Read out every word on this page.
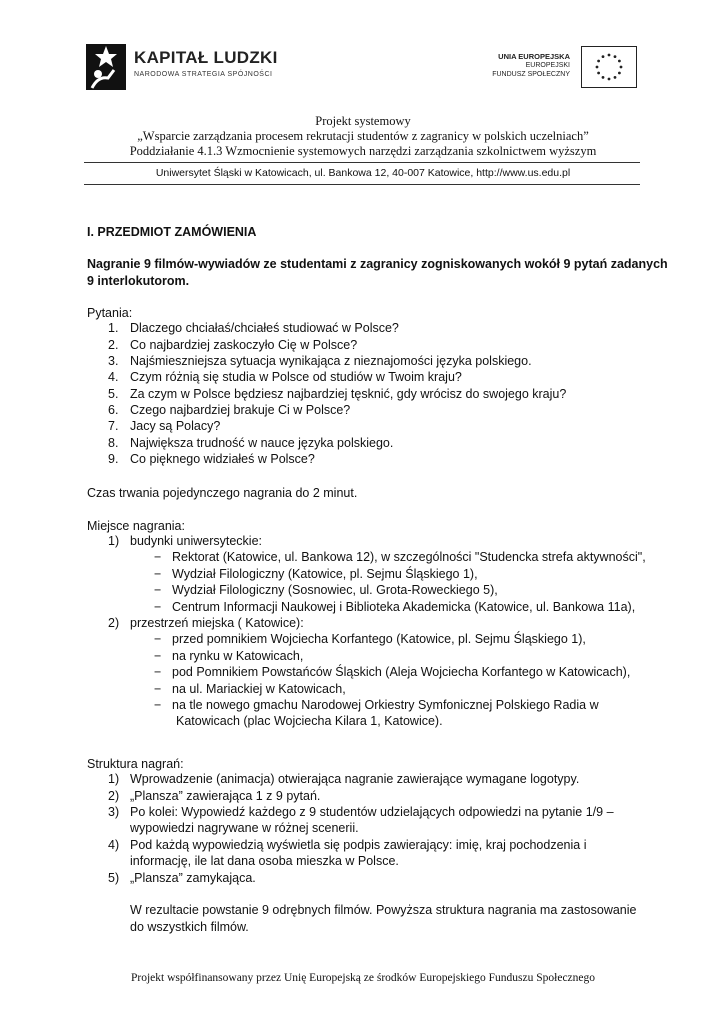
KAPITAŁ LUDZKI
NARODOWA STRATEGIA SPÓJNOŚCI
UNIA EUROPEJSKA
EUROPEJSKI
FUNDUSZ SPOŁECZNY
Projekt systemowy
„Wsparcie zarządzania procesem rekrutacji studentów z zagranicy w polskich uczelniach”
Poddziałanie 4.1.3 Wzmocnienie systemowych narzędzi zarządzania szkolnictwem wyższym
Uniwersytet Śląski w Katowicach, ul. Bankowa 12, 40-007 Katowice, http://www.us.edu.pl
I. PRZEDMIOT ZAMÓWIENIA
Nagranie 9 filmów-wywiadów ze studentami z zagranicy zogniskowanych wokół 9 pytań zadanych
9 interlokutorom.
Pytania:
1. Dlaczego chciałaś/chciałeś studiować w Polsce?
2. Co najbardziej zaskoczyło Cię w Polsce?
3. Najśmieszniejsza sytuacja wynikająca z nieznajomości języka polskiego.
4. Czym różnią się studia w Polsce od studiów w Twoim kraju?
5. Za czym w Polsce będziesz najbardziej tęsknić, gdy wrócisz do swojego kraju?
6. Czego najbardziej brakuje Ci w Polsce?
7. Jacy są Polacy?
8. Największa trudność w nauce języka polskiego.
9. Co pięknego widziałeś w Polsce?
Czas trwania pojedynczego nagrania do 2 minut.
Miejsce nagrania:
1) budynki uniwersyteckie:
− Rektorat (Katowice, ul. Bankowa 12), w szczególności "Studencka strefa aktywności",
− Wydział Filologiczny (Katowice, pl. Sejmu Śląskiego 1),
− Wydział Filologiczny (Sosnowiec, ul. Grota-Roweckiego 5),
− Centrum Informacji Naukowej i Biblioteka Akademicka (Katowice, ul. Bankowa 11a),
2) przestrzeń miejska ( Katowice):
− przed pomnikiem Wojciecha Korfantego (Katowice, pl. Sejmu Śląskiego 1),
− na rynku w Katowicach,
− pod Pomnikiem Powstańców Śląskich (Aleja Wojciecha Korfantego w Katowicach),
− na ul. Mariackiej w Katowicach,
− na tle nowego gmachu Narodowej Orkiestry Symfonicznej Polskiego Radia w
Katowicach (plac Wojciecha Kilara 1, Katowice).
Struktura nagrań:
1) Wprowadzenie (animacja) otwierająca nagranie zawierające wymagane logotypy.
2) „Plansza” zawierająca 1 z 9 pytań.
3) Po kolei: Wypowiedź każdego z 9 studentów udzielających odpowiedzi na pytanie 1/9 –
wypowiedzi nagrywane w różnej scenerii.
4) Pod każdą wypowiedzią wyświetla się podpis zawierający: imię, kraj pochodzenia i
informację, ile lat dana osoba mieszka w Polsce.
5) „Plansza” zamykająca.
W rezultacie powstanie 9 odrębnych filmów. Powyższa struktura nagrania ma zastosowanie
do wszystkich filmów.
Projekt współfinansowany przez Unię Europejską ze środków Europejskiego Funduszu Społecznego
